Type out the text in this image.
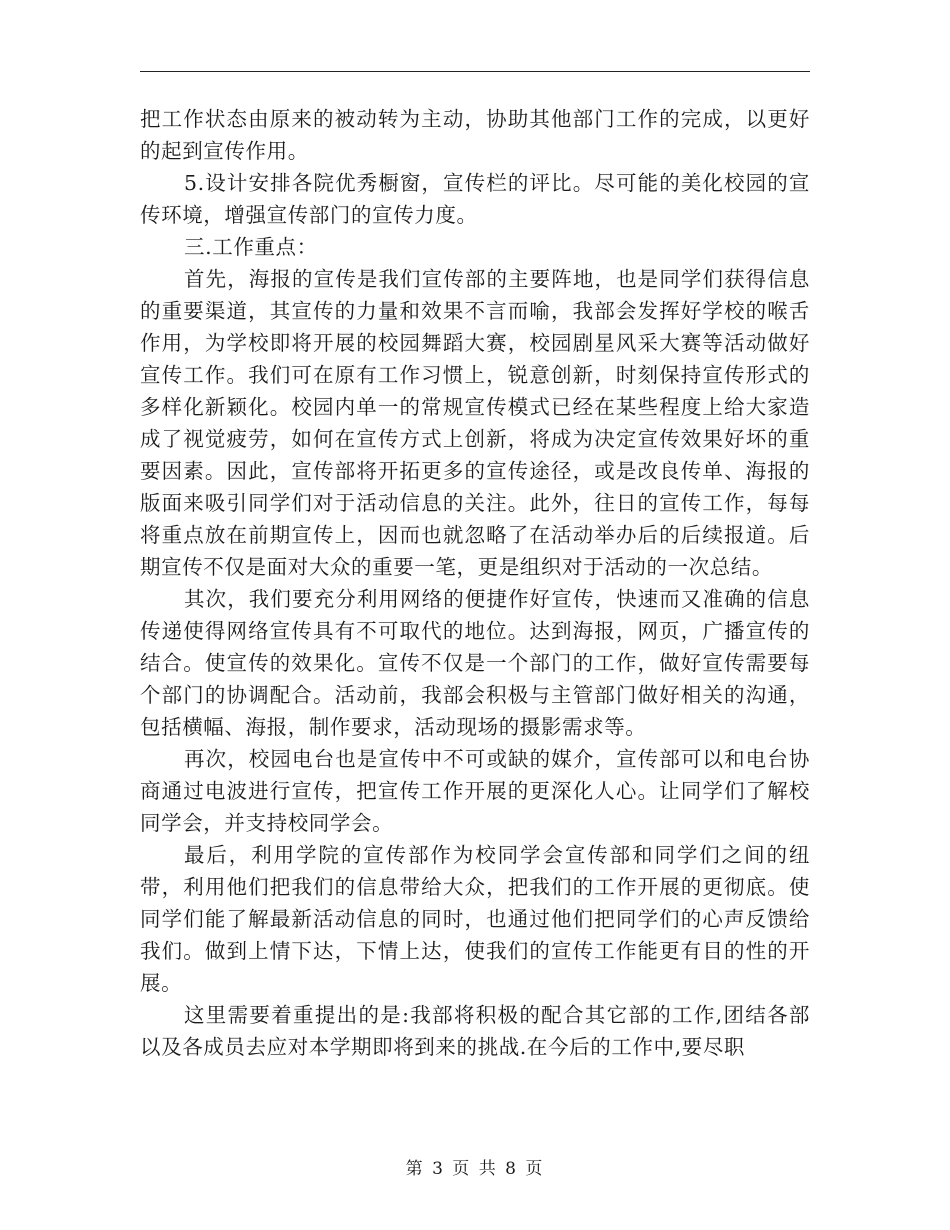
把工作状态由原来的被动转为主动，协助其他部门工作的完成，以更好的起到宣传作用。

5.设计安排各院优秀橱窗，宣传栏的评比。尽可能的美化校园的宣传环境，增强宣传部门的宣传力度。

三.工作重点：

首先，海报的宣传是我们宣传部的主要阵地，也是同学们获得信息的重要渠道，其宣传的力量和效果不言而喻，我部会发挥好学校的喉舌作用，为学校即将开展的校园舞蹈大赛，校园剧星风采大赛等活动做好宣传工作。我们可在原有工作习惯上，锐意创新，时刻保持宣传形式的多样化新颖化。校园内单一的常规宣传模式已经在某些程度上给大家造成了视觉疲劳，如何在宣传方式上创新，将成为决定宣传效果好坏的重要因素。因此，宣传部将开拓更多的宣传途径，或是改良传单、海报的版面来吸引同学们对于活动信息的关注。此外，往日的宣传工作，每每将重点放在前期宣传上，因而也就忽略了在活动举办后的后续报道。后期宣传不仅是面对大众的重要一笔，更是组织对于活动的一次总结。

其次，我们要充分利用网络的便捷作好宣传，快速而又准确的信息传递使得网络宣传具有不可取代的地位。达到海报，网页，广播宣传的结合。使宣传的效果化。宣传不仅是一个部门的工作，做好宣传需要每个部门的协调配合。活动前，我部会积极与主管部门做好相关的沟通，包括横幅、海报，制作要求，活动现场的摄影需求等。

再次，校园电台也是宣传中不可或缺的媒介，宣传部可以和电台协商通过电波进行宣传，把宣传工作开展的更深化人心。让同学们了解校同学会，并支持校同学会。

最后，利用学院的宣传部作为校同学会宣传部和同学们之间的纽带，利用他们把我们的信息带给大众，把我们的工作开展的更彻底。使同学们能了解最新活动信息的同时，也通过他们把同学们的心声反馈给我们。做到上情下达，下情上达，使我们的宣传工作能更有目的性的开展。

这里需要着重提出的是:我部将积极的配合其它部的工作,团结各部以及各成员去应对本学期即将到来的挑战.在今后的工作中,要尽职

第 3 页 共 8 页
